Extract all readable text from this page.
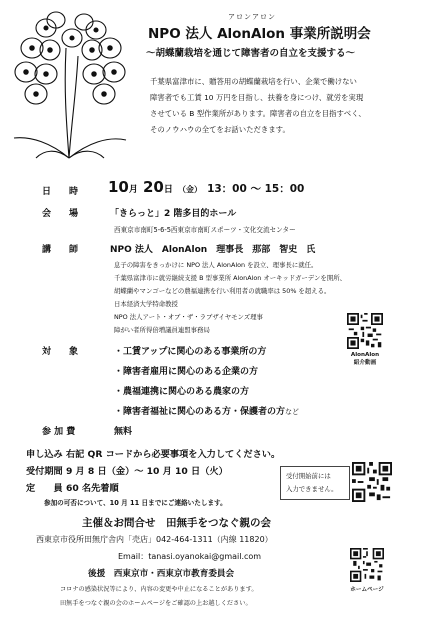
アロンアロン
NPO 法人 AlonAlon 事業所説明会
～胡蝶蘭栽培を通じて障害者の自立を支援する～
千葉県富津市に、贈答用の胡蝶蘭栽培を行い、企業で働けない
障害者でも工賃 10 万円を目指し、扶養を身につけ、就労を実現
させている B 型作業所があります。障害者の自立を目指すべく、
そのノウハウの全てをお話いただきます。
日　　時 10月 20日 （金） 13：00 ～ 15：00
会　　場	「きらっと」2 階多目的ホール
西東京市南町5-6-5西東京市南町スポーツ・文化交流センター
講　　師	NPO 法人　AlonAlon　理事長　那部　智史　氏
息子の障害をきっかけに NPO 法人 AlonAlon を設立、理事長に就任。
千葉県富津市に就労継続支援 B 型事業所 AlonAlon オーキッドガーデンを開所、
胡蝶蘭やマンゴーなどの農福連携を行い利用者の就職率は 50% を超える。
日本経済大学特命教授
NPO 法人アート・オブ・ザ・ラブザイヤモンズ理事
障がい者所得倍増議員連盟事務局
AlonAlon
紹介動画
対　　象	・工賃アップに関心のある事業所の方
・障害者雇用に関心のある企業の方
・農福連携に関心のある農家の方
・障害者福祉に関心のある方・保護者の方など
参 加 費	無料
申し込み 右記 QR コードから必要事項を入力してください。
受付期間 9 月 8 日（金）～ 10 月 10 日（火）
定　　員 60 名先着順
参加の可否について、10 月 11 日までにご連絡いたします。
受付開始前には
入力できません。
主催＆お問合せ　田無手をつなぐ親の会
西東京市役所田無庁舎内「売店」042-464-1311（内線 11820）
Email：tanasi.oyanokai@gmail.com
後援　西東京市・西東京市教育委員会
コロナの感染状況等により、内容の変更や中止になることがあります。
田無手をつなぐ親の会のホームページをご確認の上お越しください。
ホームページ
